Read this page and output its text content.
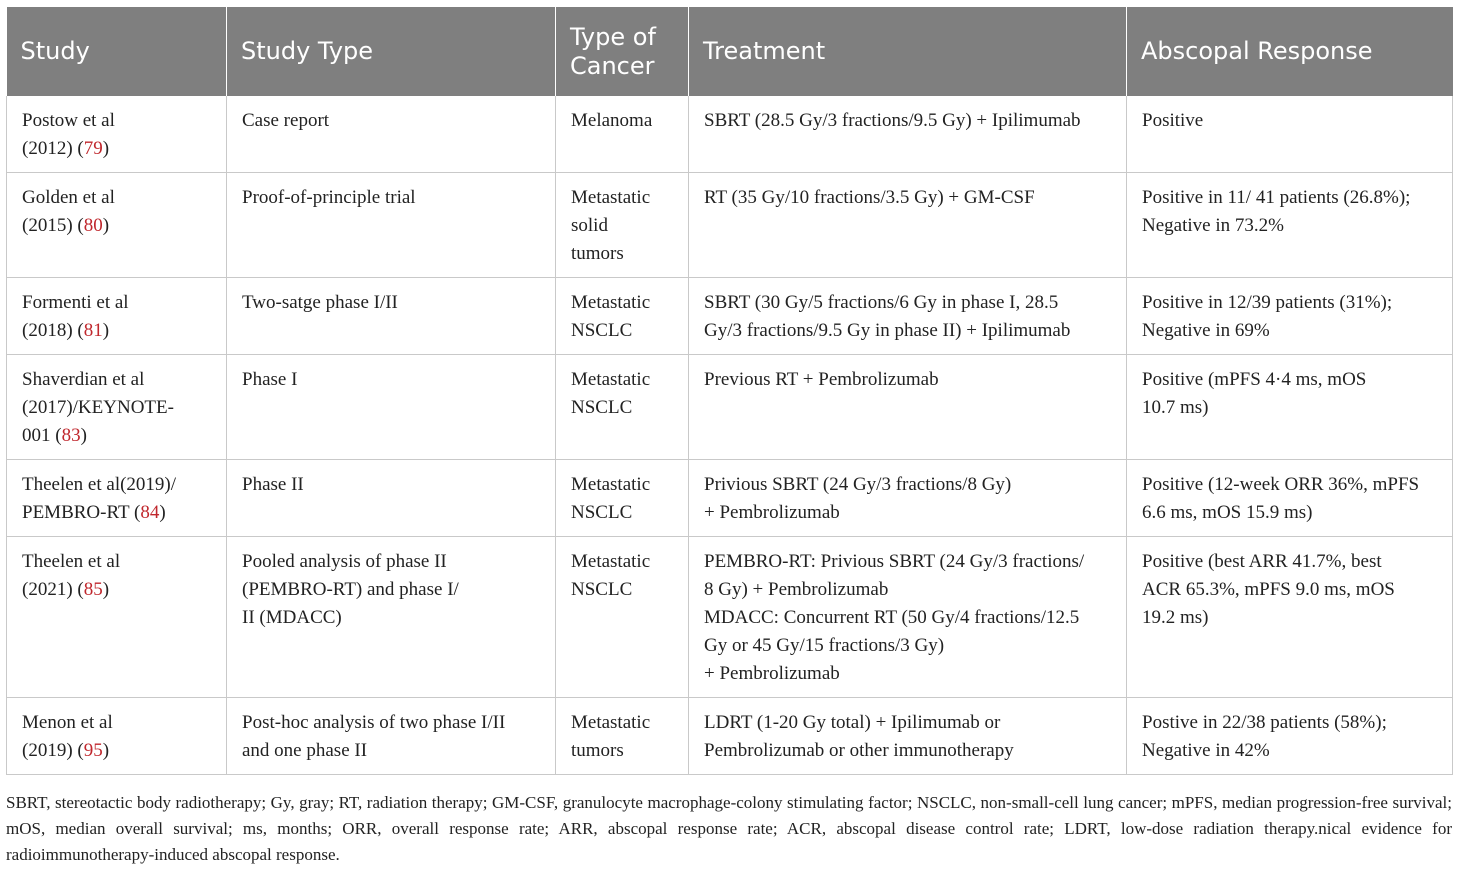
Study	Study Type	Type of Cancer	Treatment	Abscopal Response

Postow et al
(2012) (79)	Case report	Melanoma	SBRT (28.5 Gy/3 fractions/9.5 Gy) + Ipilimumab	Positive

Golden et al
(2015) (80)	Proof-of-principle trial	Metastatic
solid
tumors	RT (35 Gy/10 fractions/3.5 Gy) + GM-CSF	Positive in 11/ 41 patients (26.8%);
Negative in 73.2%

Formenti et al
(2018) (81)	Two-satge phase I/II	Metastatic
NSCLC	SBRT (30 Gy/5 fractions/6 Gy in phase I, 28.5
Gy/3 fractions/9.5 Gy in phase II) + Ipilimumab	Positive in 12/39 patients (31%);
Negative in 69%

Shaverdian et al
(2017)/KEYNOTE-
001 (83)	Phase I	Metastatic
NSCLC	Previous RT + Pembrolizumab	Positive (mPFS 4·4 ms, mOS
10.7 ms)

Theelen et al(2019)/
PEMBRO-RT (84)	Phase II	Metastatic
NSCLC	Privious SBRT (24 Gy/3 fractions/8 Gy)
+ Pembrolizumab	Positive (12-week ORR 36%, mPFS
6.6 ms, mOS 15.9 ms)

Theelen et al
(2021) (85)	Pooled analysis of phase II
(PEMBRO-RT) and phase I/
II (MDACC)	Metastatic
NSCLC	PEMBRO-RT: Privious SBRT (24 Gy/3 fractions/
8 Gy) + Pembrolizumab
MDACC: Concurrent RT (50 Gy/4 fractions/12.5
Gy or 45 Gy/15 fractions/3 Gy)
+ Pembrolizumab	Positive (best ARR 41.7%, best
ACR 65.3%, mPFS 9.0 ms, mOS
19.2 ms)

Menon et al
(2019) (95)	Post-hoc analysis of two phase I/II
and one phase II	Metastatic
tumors	LDRT (1-20 Gy total) + Ipilimumab or
Pembrolizumab or other immunotherapy	Postive in 22/38 patients (58%);
Negative in 42%
SBRT, stereotactic body radiotherapy; Gy, gray; RT, radiation therapy; GM-CSF, granulocyte macrophage-colony stimulating factor; NSCLC, non-small-cell lung cancer; mPFS, median progression-free survival; mOS, median overall survival; ms, months; ORR, overall response rate; ARR, abscopal response rate; ACR, abscopal disease control rate; LDRT, low-dose radiation therapy.nical evidence for radioimmunotherapy-induced abscopal response.
